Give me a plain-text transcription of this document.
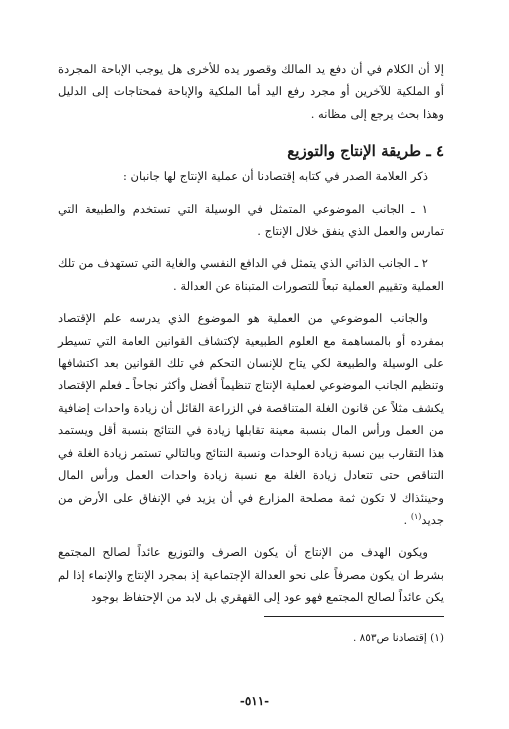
إلا أن الكلام في أن دفع يد المالك وقصور يده للأخرى هل يوجب الإباحة المجردة أو الملكية للآخرين أو مجرد رفع اليد أما الملكية والإباحة فمحتاجات إلى الدليل وهذا بحث يرجع إلى مظانه .

٤ ـ طريقة الإنتاج والتوزيع

ذكر العلامة الصدر في كتابه إقتصادنا أن عملية الإنتاج لها جانبان :

١ ـ الجانب الموضوعي المتمثل في الوسيلة التي تستخدم والطبيعة التي تمارس والعمل الذي ينفق خلال الإنتاج .

٢ ـ الجانب الذاتي الذي يتمثل في الدافع النفسي والغاية التي تستهدف من تلك العملية وتقييم العملية تبعاً للتصورات المتبناة عن العدالة .

والجانب الموضوعي من العملية هو الموضوع الذي يدرسه علم الإقتصاد بمفرده أو بالمساهمة مع العلوم الطبيعية لإكتشاف القوانين العامة التي تسيطر على الوسيلة والطبيعة لكي يتاح للإنسان التحكم في تلك القوانين بعد اكتشافها وتنظيم الجانب الموضوعي لعملية الإنتاج تنظيماً أفضل وأكثر نجاحاً ـ فعلم الإقتصاد يكشف مثلاً عن قانون الغلة المتناقصة في الزراعة القائل أن زيادة واحدات إضافية من العمل ورأس المال بنسبة معينة تقابلها زيادة في النتائج بنسبة أقل ويستمد هذا التقارب بين نسبة زيادة الوحدات ونسبة النتائج وبالتالي تستمر زيادة الغلة في التناقص حتى تتعادل زيادة الغلة مع نسبة زيادة واحدات العمل ورأس المال وحينئذاك لا تكون ثمة مصلحة المزارع في أن يزيد في الإنفاق على الأرض من جديد$^{(١)}$ .

ويكون الهدف من الإنتاج أن يكون الصرف والتوزيع عائداً لصالح المجتمع بشرط ان يكون مصرفاً على نحو العدالة الإجتماعية إذ بمجرد الإنتاج والإنماء إذا لم يكن عائداً لصالح المجتمع فهو عود إلى القهقري بل لابد من الإحتفاظ بوجود

(١) إقتصادنا ص٨٥٣ .

-٥١١-
